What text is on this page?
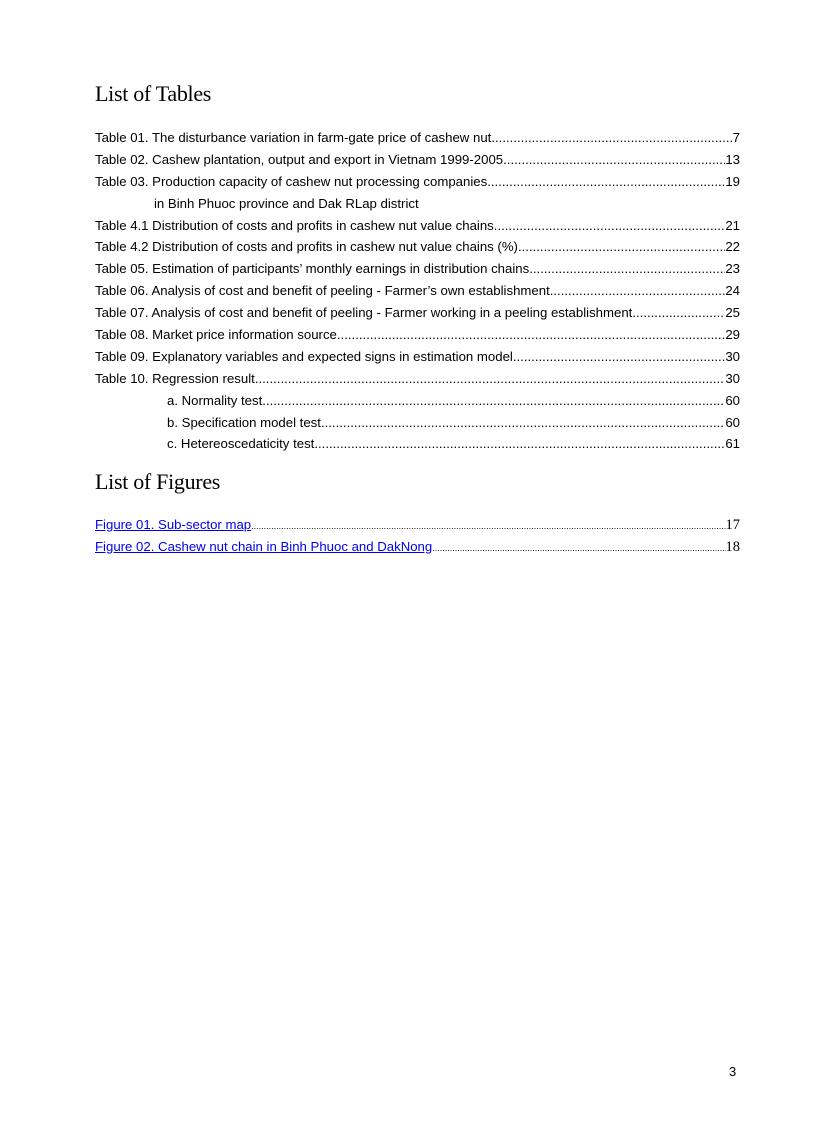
List of Tables
Table 01. The disturbance variation in farm-gate price of cashew nut .....	7
Table 02. Cashew plantation, output and export in Vietnam 1999-2005 .....	13
Table 03. Production capacity of cashew nut processing companies .....	19
in Binh Phuoc province and Dak RLap district
Table 4.1 Distribution of costs and profits in cashew nut value chains .....	21
Table 4.2 Distribution of costs and profits in cashew nut value chains (%) .....	22
Table 05. Estimation of participants’ monthly earnings in distribution chains .....	23
Table 06. Analysis of cost and benefit of peeling - Farmer’s own establishment .....	24
Table 07. Analysis of cost and benefit of peeling - Farmer working in a peeling establishment .....	25
Table 08. Market price information source .....	29
Table 09. Explanatory variables and expected signs in estimation model .....	30
Table 10. Regression result .....	30
a. Normality test .....	60
b. Specification model test .....	60
c. Hetereoscedaticity test .....	61
List of Figures
Figure 01. Sub-sector map .....	17
Figure 02. Cashew nut chain in Binh Phuoc and DakNong .....	18
3
